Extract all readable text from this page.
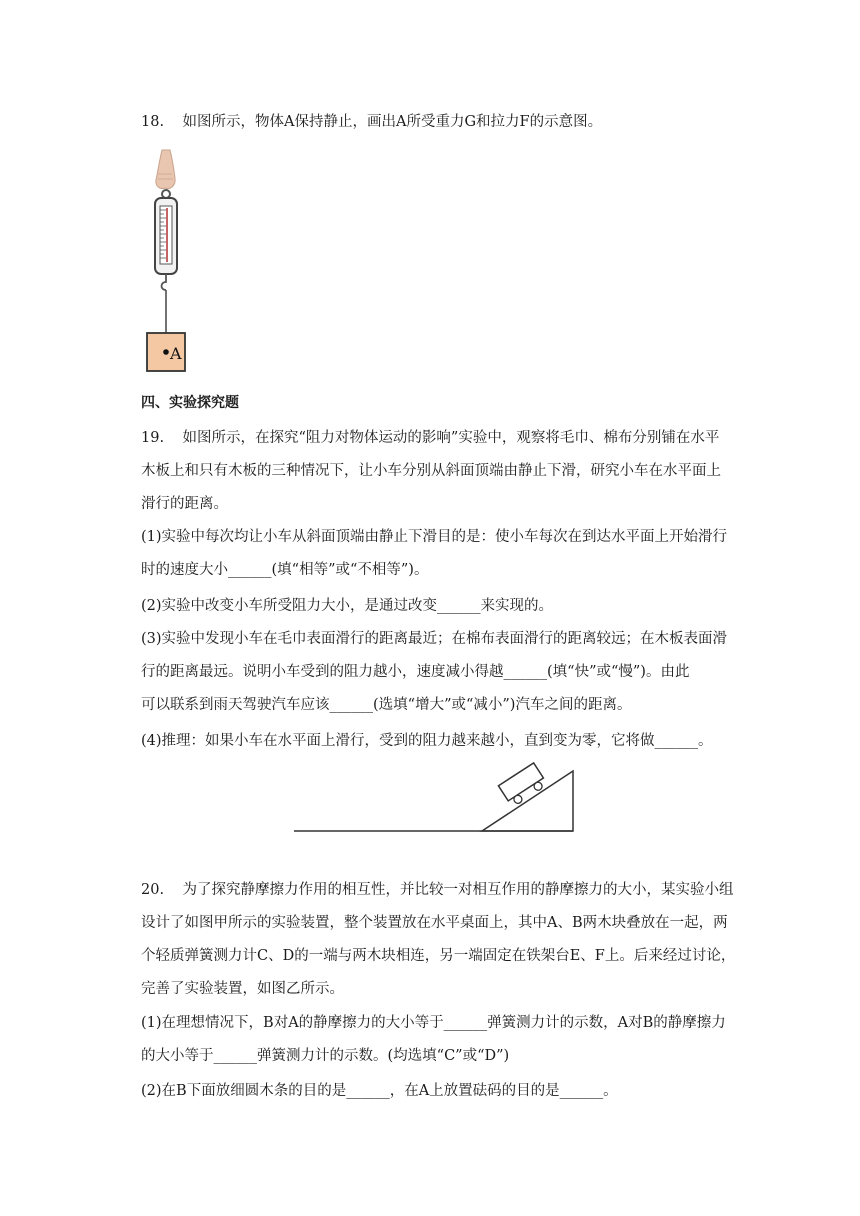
18. 如图所示，物体A保持静止，画出A所受重力G和拉力F的示意图。
A
四、实验探究题
19. 如图所示，在探究“阻力对物体运动的影响”实验中，观察将毛巾、棉布分别铺在水平
木板上和只有木板的三种情况下，让小车分别从斜面顶端由静止下滑，研究小车在水平面上
滑行的距离。
(1)实验中每次均让小车从斜面顶端由静止下滑目的是：使小车每次在到达水平面上开始滑行
时的速度大小______(填“相等”或“不相等”)。
(2)实验中改变小车所受阻力大小，是通过改变______来实现的。
(3)实验中发现小车在毛巾表面滑行的距离最近；在棉布表面滑行的距离较远；在木板表面滑
行的距离最远。说明小车受到的阻力越小，速度减小得越______(填“快”或“慢”)。由此
可以联系到雨天驾驶汽车应该______(选填“增大”或“减小”)汽车之间的距离。
(4)推理：如果小车在水平面上滑行，受到的阻力越来越小，直到变为零，它将做______。
20. 为了探究静摩擦力作用的相互性，并比较一对相互作用的静摩擦力的大小，某实验小组
设计了如图甲所示的实验装置，整个装置放在水平桌面上，其中A、B两木块叠放在一起，两
个轻质弹簧测力计C、D的一端与两木块相连，另一端固定在铁架台E、F上。后来经过讨论，
完善了实验装置，如图乙所示。
(1)在理想情况下，B对A的静摩擦力的大小等于______弹簧测力计的示数，A对B的静摩擦力
的大小等于______弹簧测力计的示数。(均选填“C”或“D”)
(2)在B下面放细圆木条的目的是______，在A上放置砝码的目的是______。
